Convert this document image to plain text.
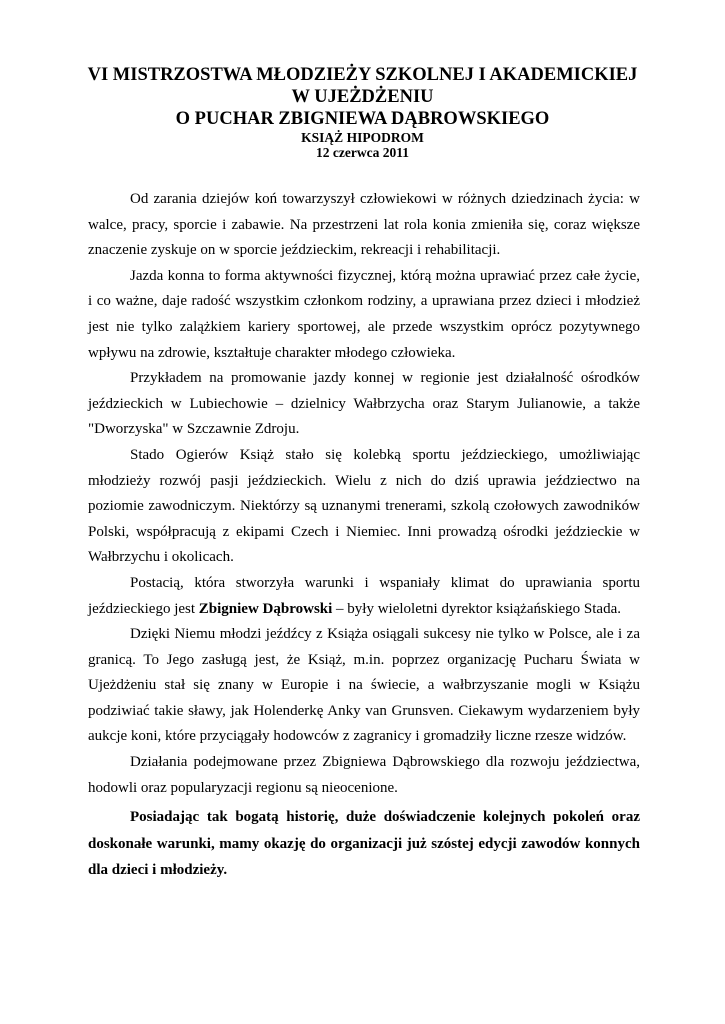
VI MISTRZOSTWA MŁODZIEŻY SZKOLNEJ I AKADEMICKIEJ
W UJEŻDŻENIU
O PUCHAR ZBIGNIEWA DĄBROWSKIEGO
KSIĄŻ HIPODROM
12 czerwca 2011

Od zarania dziejów koń towarzyszył człowiekowi w różnych dziedzinach życia: w walce, pracy, sporcie i zabawie. Na przestrzeni lat rola konia zmieniła się, coraz większe znaczenie zyskuje on w sporcie jeździeckim, rekreacji i rehabilitacji.

Jazda konna to forma aktywności fizycznej, którą można uprawiać przez całe życie, i co ważne, daje radość wszystkim członkom rodziny, a uprawiana przez dzieci i młodzież jest nie tylko zalążkiem kariery sportowej, ale przede wszystkim oprócz pozytywnego wpływu na zdrowie, kształtuje charakter młodego człowieka.

Przykładem na promowanie jazdy konnej w regionie jest działalność ośrodków jeździeckich w Lubiechowie – dzielnicy Wałbrzycha oraz Starym Julianowie, a także "Dworzyska" w Szczawnie Zdroju.

Stado Ogierów Książ stało się kolebką sportu jeździeckiego, umożliwiając młodzieży rozwój pasji jeździeckich. Wielu z nich do dziś uprawia jeździectwo na poziomie zawodniczym. Niektórzy są uznanymi trenerami, szkolą czołowych zawodników Polski, współpracują z ekipami Czech i Niemiec. Inni prowadzą ośrodki jeździeckie w Wałbrzychu i okolicach.

Postacią, która stworzyła warunki i wspaniały klimat do uprawiania sportu jeździeckiego jest Zbigniew Dąbrowski – były wieloletni dyrektor książańskiego Stada.

Dzięki Niemu młodzi jeźdźcy z Książa osiągali sukcesy nie tylko w Polsce, ale i za granicą. To Jego zasługą jest, że Książ, m.in. poprzez organizację Pucharu Świata w Ujeżdżeniu stał się znany w Europie i na świecie, a wałbrzyszanie mogli w Książu podziwiać takie sławy, jak Holenderkę Anky van Grunsven. Ciekawym wydarzeniem były aukcje koni, które przyciągały hodowców z zagranicy i gromadziły liczne rzesze widzów.

Działania podejmowane przez Zbigniewa Dąbrowskiego dla rozwoju jeździectwa, hodowli oraz popularyzacji regionu są nieocenione.

Posiadając tak bogatą historię, duże doświadczenie kolejnych pokoleń oraz doskonałe warunki, mamy okazję do organizacji już szóstej edycji zawodów konnych dla dzieci i młodzieży.
